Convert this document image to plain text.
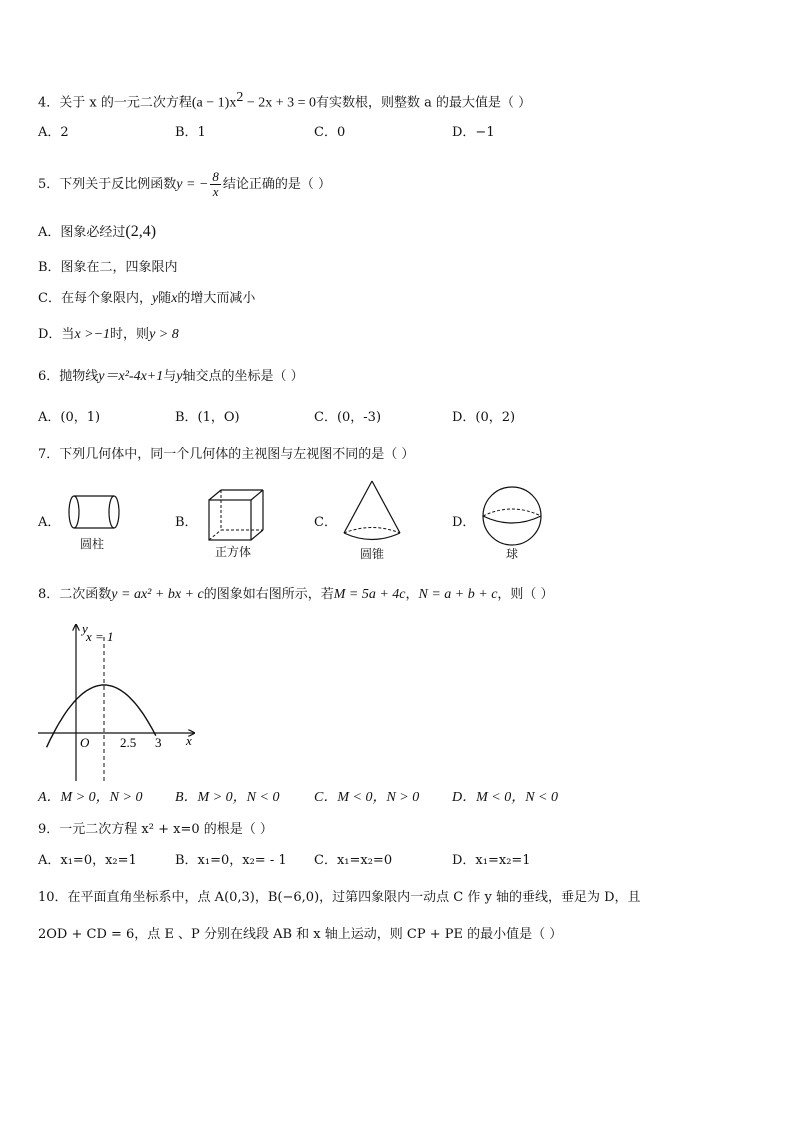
4．关于 x 的一元二次方程$(a - 1)x^2 - 2x + 3 = 0$有实数根，则整数 a 的最大值是（ ）
A．2	B．1	C．0	D．−1
5．下列关于反比例函数y = − $\frac{8}{x}$ 结论正确的是（ ）
A．图象必经过(2,4)
B．图象在二，四象限内
C．在每个象限内，y随x的增大而减小
D．当x >−1时，则y > 8
6．抛物线y＝x²-4x+1与y轴交点的坐标是（ ）
A．(0，1)	B．(1，O)	C．(0，-3)	D．(0，2)
7．下列几何体中，同一个几何体的主视图与左视图不同的是（ ）
A．
圆柱
B．
正方体
C．
圆锥
D．
球
8．二次函数y = ax² + bx + c的图象如右图所示，若M = 5a + 4c，N = a + b + c，则（ ）
y
x = 1
O 2.5 3 x
A．M > 0，N > 0 B．M > 0，N < 0 C．M < 0，N > 0 D．M < 0，N < 0
9．一元二次方程 x² + x=0 的根是（ ）
A．x₁=0，x₂=1	B．x₁=0，x₂= - 1 C．x₁=x₂=0	D．x₁=x₂=1
10．在平面直角坐标系中，点 A(0,3)，B(−6,0)，过第四象限内一动点 C 作 y 轴的垂线，垂足为 D，且
2OD + CD = 6，点 E 、P 分别在线段 AB 和 x 轴上运动，则 CP + PE 的最小值是（ ）
